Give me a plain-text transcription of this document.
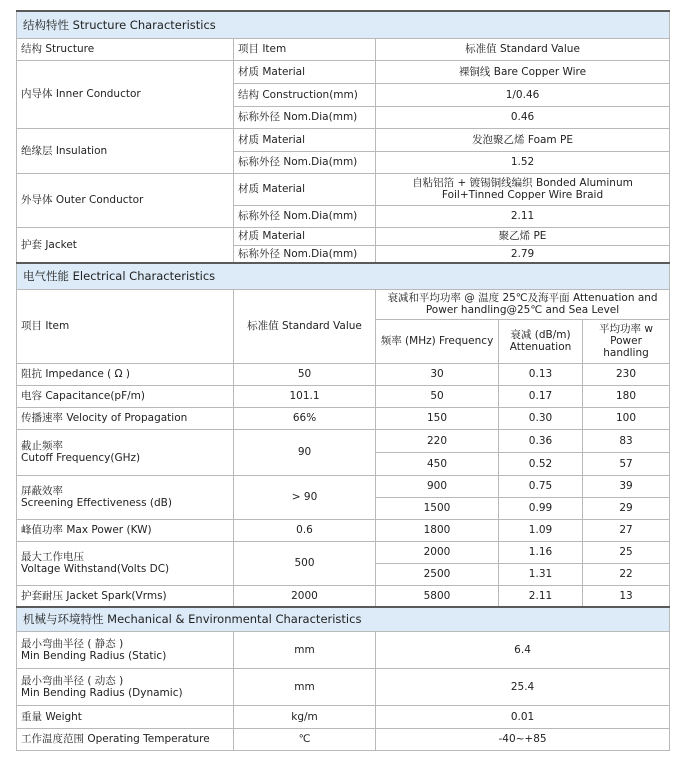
结构特性 Structure Characteristics				
结构 Structure	项目 Item	标准值 Standard Value		
内导体 Inner Conductor	材质 Material	裸铜线 Bare Copper Wire		
	结构 Construction(mm)	1/0.46		
	标称外径 Nom.Dia(mm)	0.46		
绝缘层 Insulation	材质 Material	发泡聚乙烯 Foam PE		
	标称外径 Nom.Dia(mm)	1.52		
外导体 Outer Conductor	材质 Material	自粘铝箔 + 镀锡铜线编织 Bonded Aluminum Foil+Tinned Copper Wire Braid		
	标称外径 Nom.Dia(mm)	2.11		
护套 Jacket	材质 Material	聚乙烯 PE		
	标称外径 Nom.Dia(mm)	2.79		
电气性能 Electrical Characteristics				
项目 Item	标准值 Standard Value	衰减和平均功率 @ 温度 25℃及海平面 Attenuation and Power handling@25℃ and Sea Level		
		频率 (MHz) Frequency	衰减 (dB/m) Attenuation	平均功率 w Power handling
阻抗 Impedance ( Ω )	50	30	0.13	230
电容 Capacitance(pF/m)	101.1	50	0.17	180
传播速率 Velocity of Propagation	66%	150	0.30	100

截止频率
Cutoff Frequency(GHz)	90	220	0.36	83
		450	0.52	57

屏蔽效率
Screening Effectiveness (dB)	> 90	900	0.75	39
		1500	0.99	29
峰值功率 Max Power (KW)	0.6	1800	1.09	27

最大工作电压
Voltage Withstand(Volts DC)	500	2000	1.16	25
		2500	1.31	22
护套耐压 Jacket Spark(Vrms)	2000	5800	2.11	13
机械与环境特性 Mechanical & Environmental Characteristics				

最小弯曲半径 ( 静态 )
Min Bending Radius (Static)	mm	6.4		

最小弯曲半径 ( 动态 )
Min Bending Radius (Dynamic)	mm	25.4		
重量 Weight	kg/m	0.01		
工作温度范围 Operating Temperature	℃	-40~+85		
